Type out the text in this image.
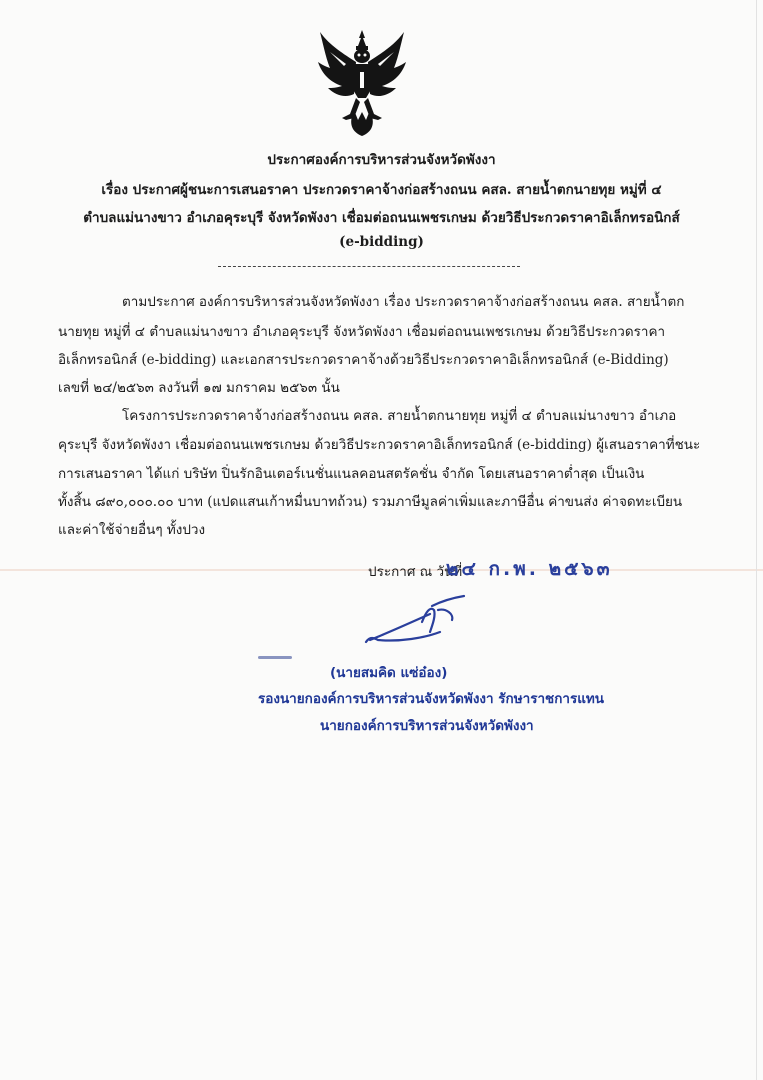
ประกาศองค์การบริหารส่วนจังหวัดพังงา
เรื่อง ประกาศผู้ชนะการเสนอราคา ประกวดราคาจ้างก่อสร้างถนน คสล. สายน้ำตกนายทุย หมู่ที่ ๔
ตำบลแม่นางขาว อำเภอคุระบุรี จังหวัดพังงา เชื่อมต่อถนนเพชรเกษม ด้วยวิธีประกวดราคาอิเล็กทรอนิกส์
(e-bidding)
ตามประกาศ องค์การบริหารส่วนจังหวัดพังงา เรื่อง ประกวดราคาจ้างก่อสร้างถนน คสล. สายน้ำตก
นายทุย หมู่ที่ ๔ ตำบลแม่นางขาว อำเภอคุระบุรี จังหวัดพังงา เชื่อมต่อถนนเพชรเกษม ด้วยวิธีประกวดราคา
อิเล็กทรอนิกส์ (e-bidding) และเอกสารประกวดราคาจ้างด้วยวิธีประกวดราคาอิเล็กทรอนิกส์ (e-Bidding)
เลขที่ ๒๔/๒๕๖๓ ลงวันที่ ๑๗ มกราคม ๒๕๖๓ นั้น
โครงการประกวดราคาจ้างก่อสร้างถนน คสล. สายน้ำตกนายทุย หมู่ที่ ๔ ตำบลแม่นางขาว อำเภอ
คุระบุรี จังหวัดพังงา เชื่อมต่อถนนเพชรเกษม ด้วยวิธีประกวดราคาอิเล็กทรอนิกส์ (e-bidding) ผู้เสนอราคาที่ชนะ
การเสนอราคา ได้แก่ บริษัท ปิ่นรักอินเตอร์เนชั่นแนลคอนสตรัคชั่น จำกัด โดยเสนอราคาต่ำสุด เป็นเงิน
ทั้งสิ้น ๘๙๐,๐๐๐.๐๐ บาท (แปดแสนเก้าหมื่นบาทถ้วน) รวมภาษีมูลค่าเพิ่มและภาษีอื่น ค่าขนส่ง ค่าจดทะเบียน
และค่าใช้จ่ายอื่นๆ ทั้งปวง
ประกาศ ณ วันที่
๒๔ ก.พ. ๒๕๖๓
(นายสมคิด แซ่อ๋อง)
รองนายกองค์การบริหารส่วนจังหวัดพังงา รักษาราชการแทน
นายกองค์การบริหารส่วนจังหวัดพังงา
